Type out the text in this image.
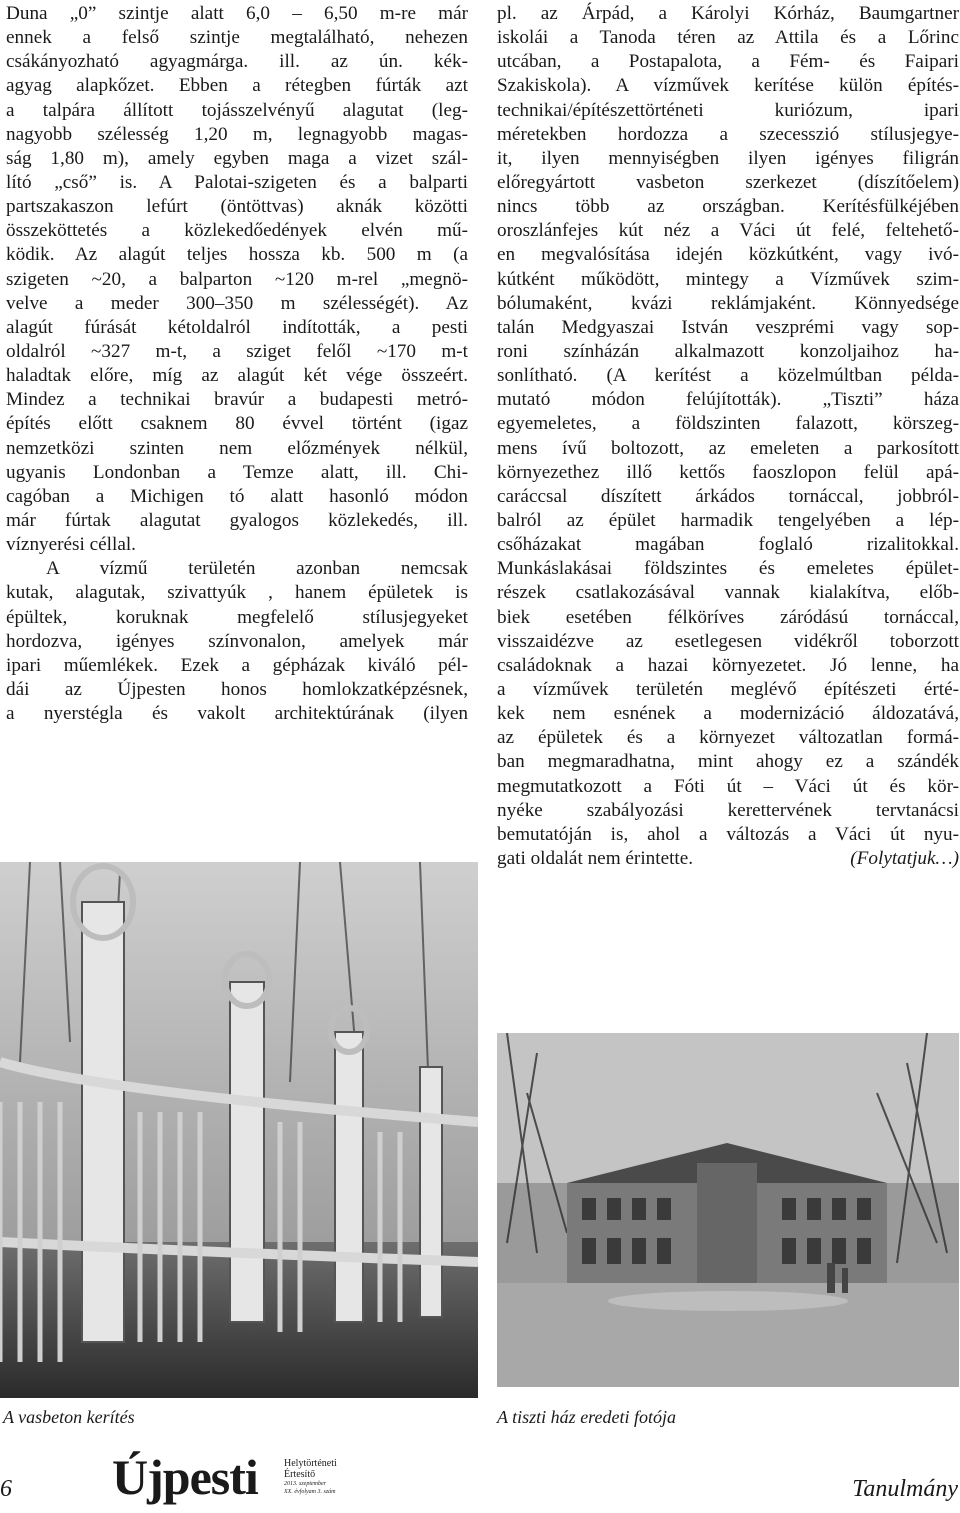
Duna „0” szintje alatt 6,0 – 6,50 m-re már
ennek a felső szintje megtalálható, nehezen
csákányozható agyagmárga. ill. az ún. kék-
agyag alapkőzet. Ebben a rétegben fúrták azt
a talpára állított tojásszelvényű alagutat (leg-
nagyobb szélesség 1,20 m, legnagyobb magas-
ság 1,80 m), amely egyben maga a vizet szál-
lító „cső” is. A Palotai-szigeten és a balparti
partszakaszon lefúrt (öntöttvas) aknák közötti
összeköttetés a közlekedőedények elvén mű-
ködik. Az alagút teljes hossza kb. 500 m (a
szigeten ~20, a balparton ~120 m-rel „megnö-
velve a meder 300–350 m szélességét). Az
alagút fúrását kétoldalról indították, a pesti
oldalról ~327 m-t, a sziget felől ~170 m-t
haladtak előre, míg az alagút két vége összeért.
Mindez a technikai bravúr a budapesti metró-
építés előtt csaknem 80 évvel történt (igaz
nemzetközi szinten nem előzmények nélkül,
ugyanis Londonban a Temze alatt, ill. Chi-
cagóban a Michigen tó alatt hasonló módon
már fúrtak alagutat gyalogos közlekedés, ill.
víznyerési céllal.
A vízmű területén azonban nemcsak
kutak, alagutak, szivattyúk , hanem épületek is
épültek, koruknak megfelelő stílusjegyeket
hordozva, igényes színvonalon, amelyek már
ipari műemlékek. Ezek a gépházak kiváló pél-
dái az Újpesten honos homlokzatképzésnek,
a nyerstégla és vakolt architektúrának (ilyen
pl. az Árpád, a Károlyi Kórház, Baumgartner
iskolái a Tanoda téren az Attila és a Lőrinc
utcában, a Postapalota, a Fém- és Faipari
Szakiskola). A vízművek kerítése külön építés-
technikai/építészettörténeti kuriózum, ipari
méretekben hordozza a szecesszió stílusjegye-
it, ilyen mennyiségben ilyen igényes filigrán
előregyártott vasbeton szerkezet (díszítőelem)
nincs több az országban. Kerítésfülkéjében
oroszlánfejes kút néz a Váci út felé, feltehető-
en megvalósítása idején közkútként, vagy ivó-
kútként működött, mintegy a Vízművek szim-
bólumaként, kvázi reklámjaként. Könnyedsége
talán Medgyaszai István veszprémi vagy sop-
roni színházán alkalmazott konzoljaihoz ha-
sonlítható. (A kerítést a közelmúltban példa-
mutató módon felújították). „Tiszti” háza
egyemeletes, a földszinten falazott, körszeg-
mens ívű boltozott, az emeleten a parkosított
környezethez illő kettős faoszlopon felül apá-
caráccsal díszített árkádos tornáccal, jobbról-
balról az épület harmadik tengelyében a lép-
csőházakat magában foglaló rizalitokkal.
Munkáslakásai földszintes és emeletes épület-
részek csatlakozásával vannak kialakítva, előb-
biek esetében félköríves záródású tornáccal,
visszaidézve az esetlegesen vidékről toborzott
családoknak a hazai környezetet. Jó lenne, ha
a vízművek területén meglévő építészeti érté-
kek nem esnének a modernizáció áldozatává,
az épületek és a környezet változatlan formá-
ban megmaradhatna, mint ahogy ez a szándék
megmutatkozott a Fóti út – Váci út és kör-
nyéke szabályozási kerettervének tervtanácsi
bemutatóján is, ahol a változás a Váci út nyu-
gati oldalát nem érintette.	(Folytatjuk…)
A vasbeton kerítés	A tiszti ház eredeti fotója
6 Újpesti	Helytörténeti
Értesítő
2013. szeptember
XX. évfolyam 3. szám	Tanulmány
